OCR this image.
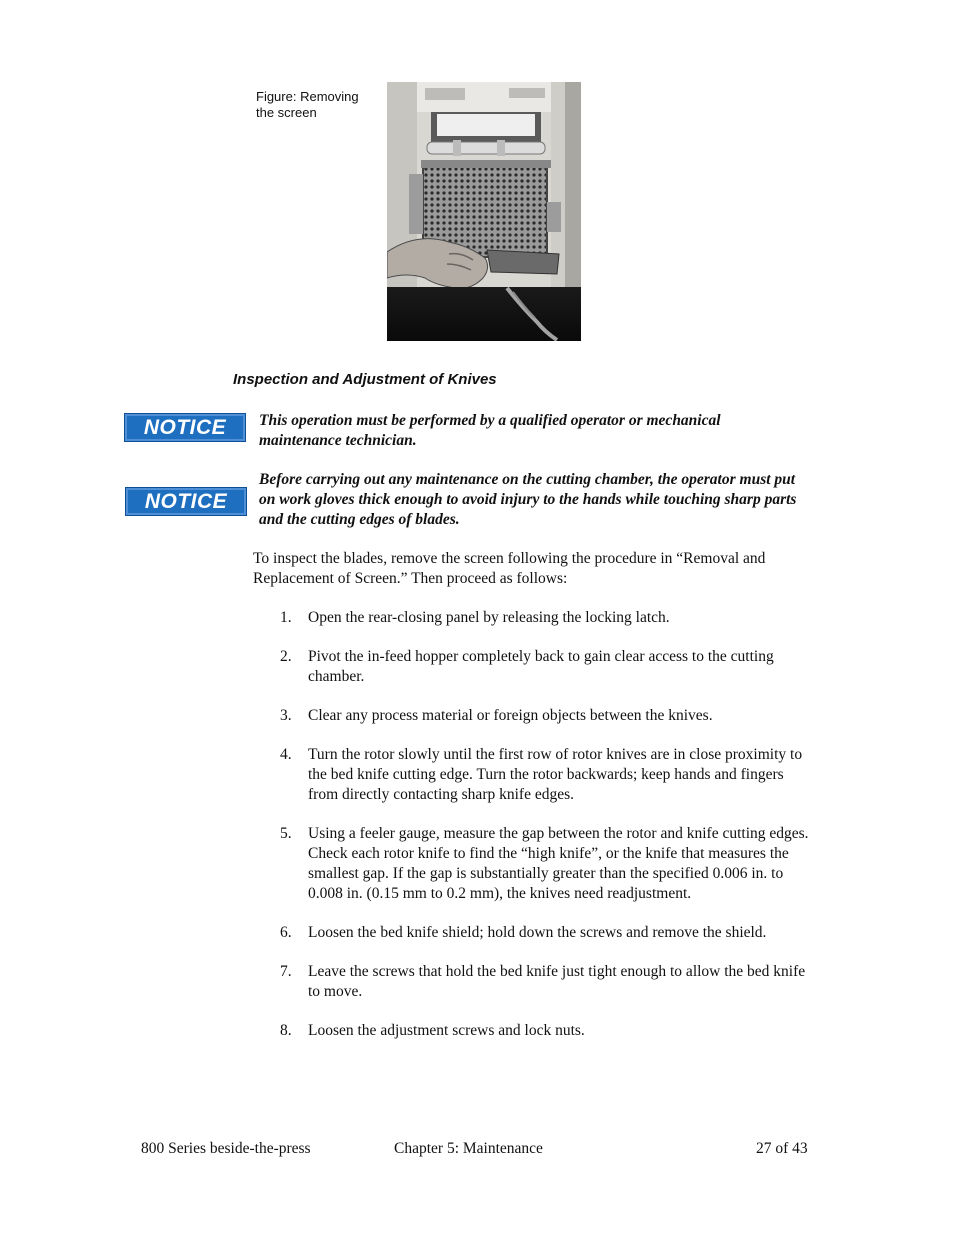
Figure: Removing the screen
Inspection and Adjustment of Knives
NOTICE	This operation must be performed by a qualified operator or mechanical maintenance technician.
NOTICE
Before carrying out any maintenance on the cutting chamber, the operator must put on work gloves thick enough to avoid injury to the hands while touching sharp parts and the cutting edges of blades.
To inspect the blades, remove the screen following the procedure in “Removal and Replacement of Screen.” Then proceed as follows:
1. Open the rear-closing panel by releasing the locking latch.
2. Pivot the in-feed hopper completely back to gain clear access to the cutting chamber.
3. Clear any process material or foreign objects between the knives.
4. Turn the rotor slowly until the first row of rotor knives are in close proximity to the bed knife cutting edge. Turn the rotor backwards; keep hands and fingers from directly contacting sharp knife edges.
5. Using a feeler gauge, measure the gap between the rotor and knife cutting edges. Check each rotor knife to find the “high knife”, or the knife that measures the smallest gap. If the gap is substantially greater than the specified 0.006 in. to 0.008 in. (0.15 mm to 0.2 mm), the knives need readjustment.
6. Loosen the bed knife shield; hold down the screws and remove the shield.
7. Leave the screws that hold the bed knife just tight enough to allow the bed knife to move.
8. Loosen the adjustment screws and lock nuts.
800 Series beside-the-press	Chapter 5: Maintenance	27 of 43
